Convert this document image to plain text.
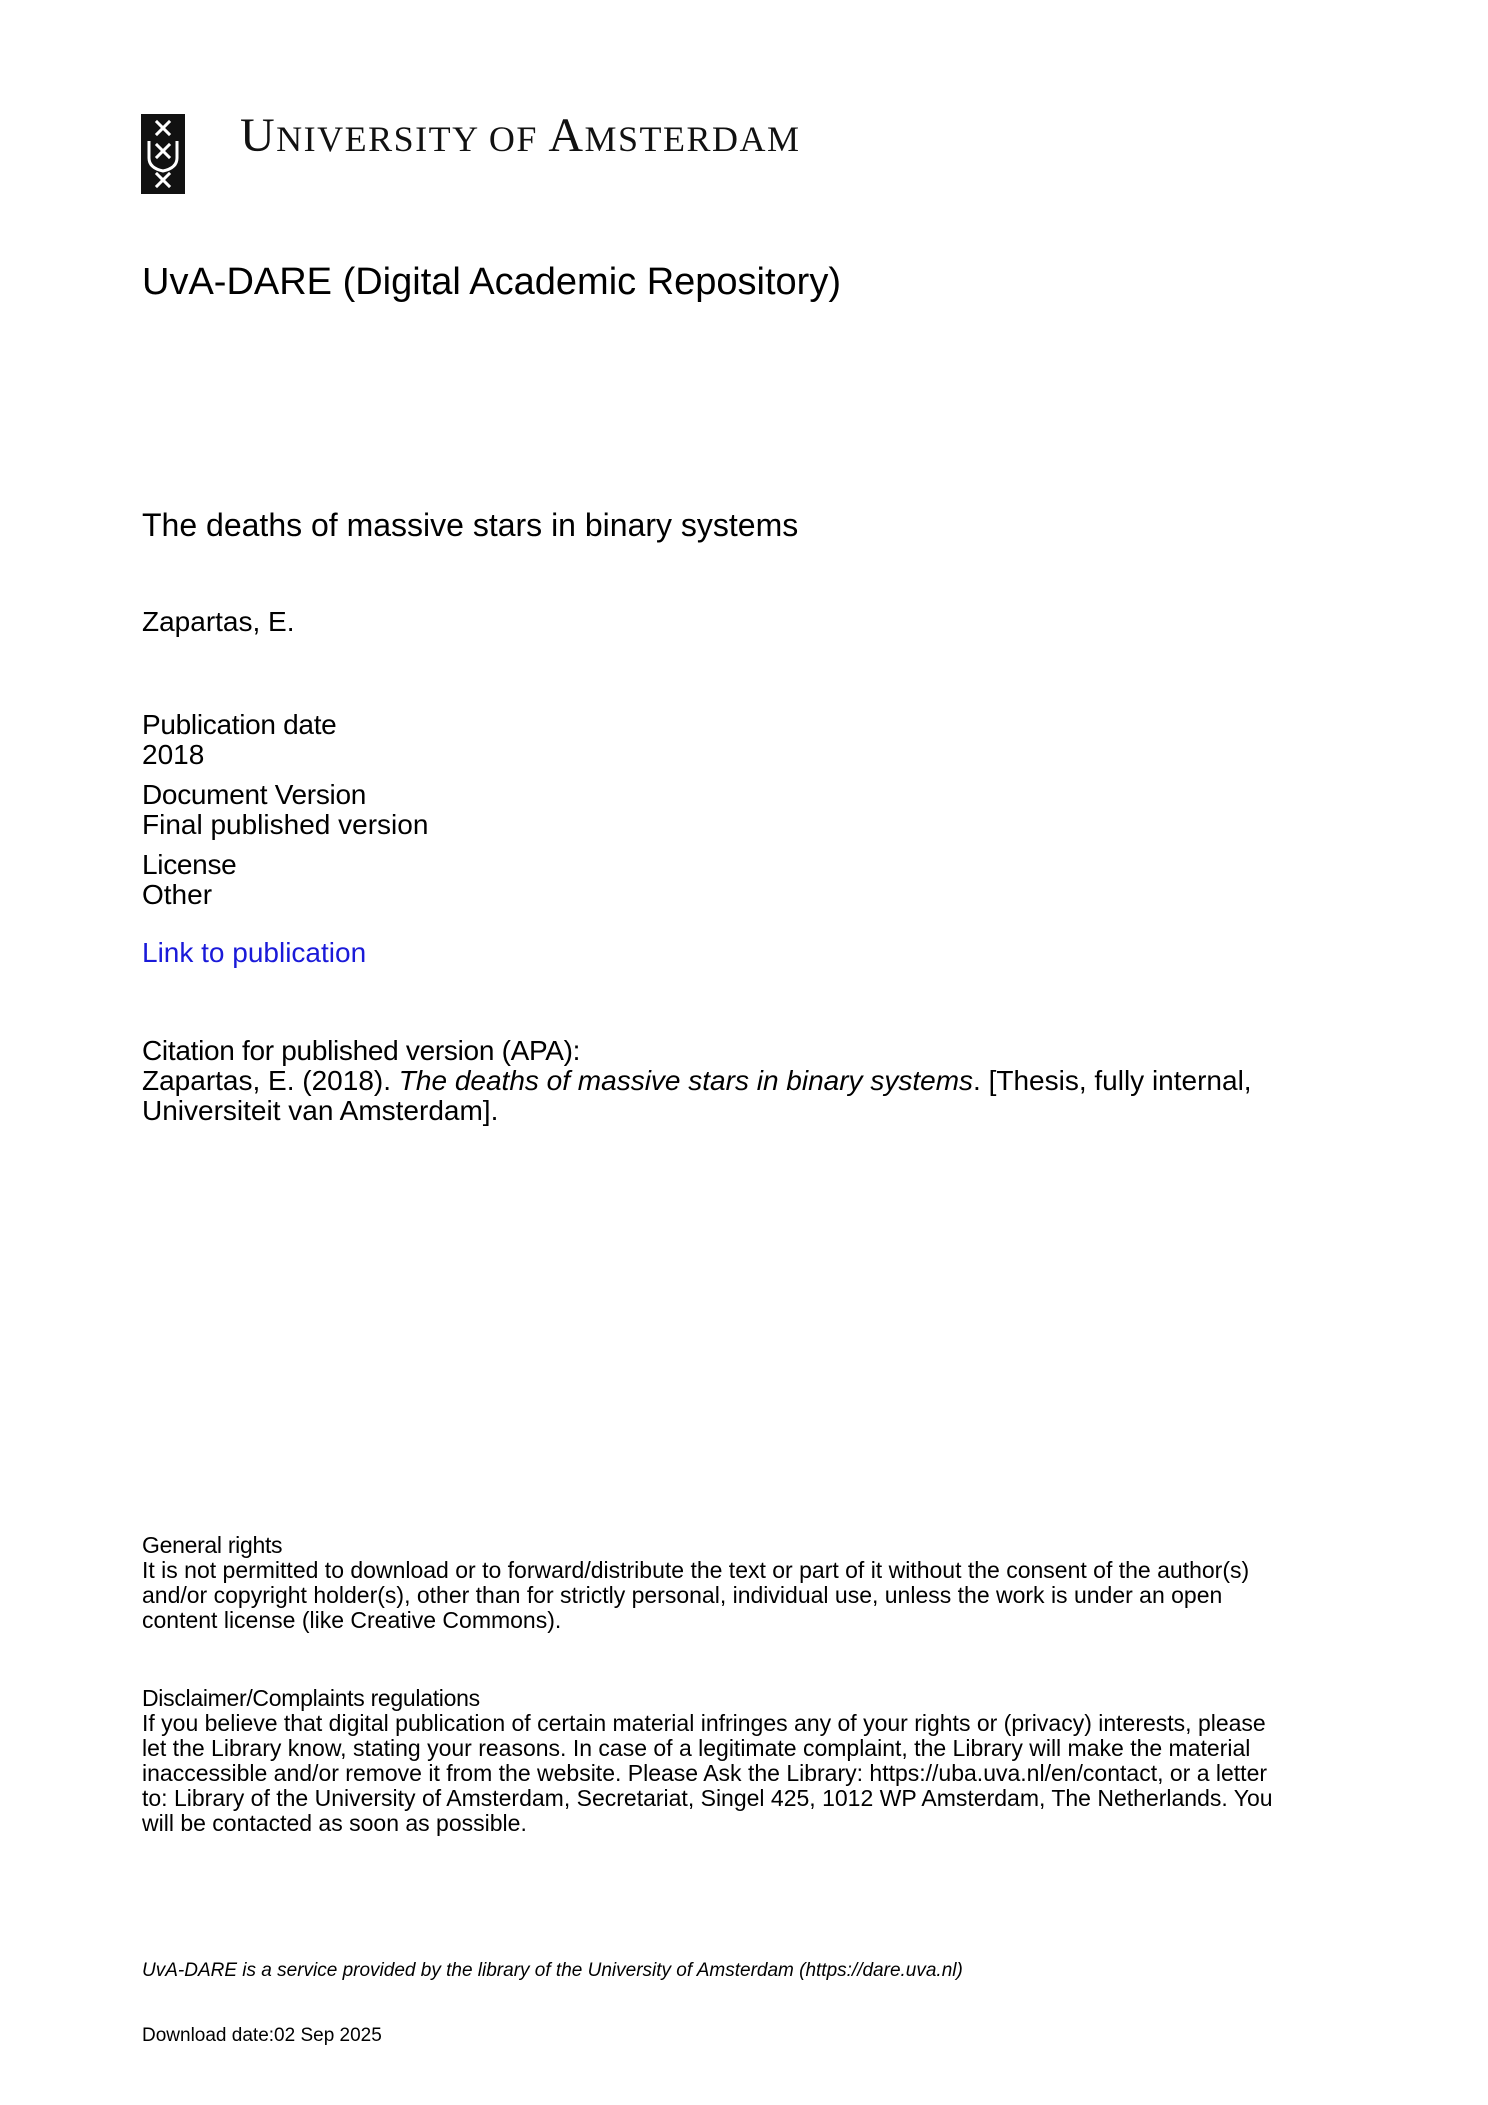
UNIVERSITY OF AMSTERDAM
UvA-DARE (Digital Academic Repository)
The deaths of massive stars in binary systems
Zapartas, E.
Publication date
2018
Document Version
Final published version
License
Other
Link to publication
Citation for published version (APA):
Zapartas, E. (2018). The deaths of massive stars in binary systems. [Thesis, fully internal,
Universiteit van Amsterdam].
General rights
It is not permitted to download or to forward/distribute the text or part of it without the consent of the author(s)
and/or copyright holder(s), other than for strictly personal, individual use, unless the work is under an open
content license (like Creative Commons).
Disclaimer/Complaints regulations
If you believe that digital publication of certain material infringes any of your rights or (privacy) interests, please
let the Library know, stating your reasons. In case of a legitimate complaint, the Library will make the material
inaccessible and/or remove it from the website. Please Ask the Library: https://uba.uva.nl/en/contact, or a letter
to: Library of the University of Amsterdam, Secretariat, Singel 425, 1012 WP Amsterdam, The Netherlands. You
will be contacted as soon as possible.
UvA-DARE is a service provided by the library of the University of Amsterdam (https://dare.uva.nl)
Download date:02 Sep 2025
